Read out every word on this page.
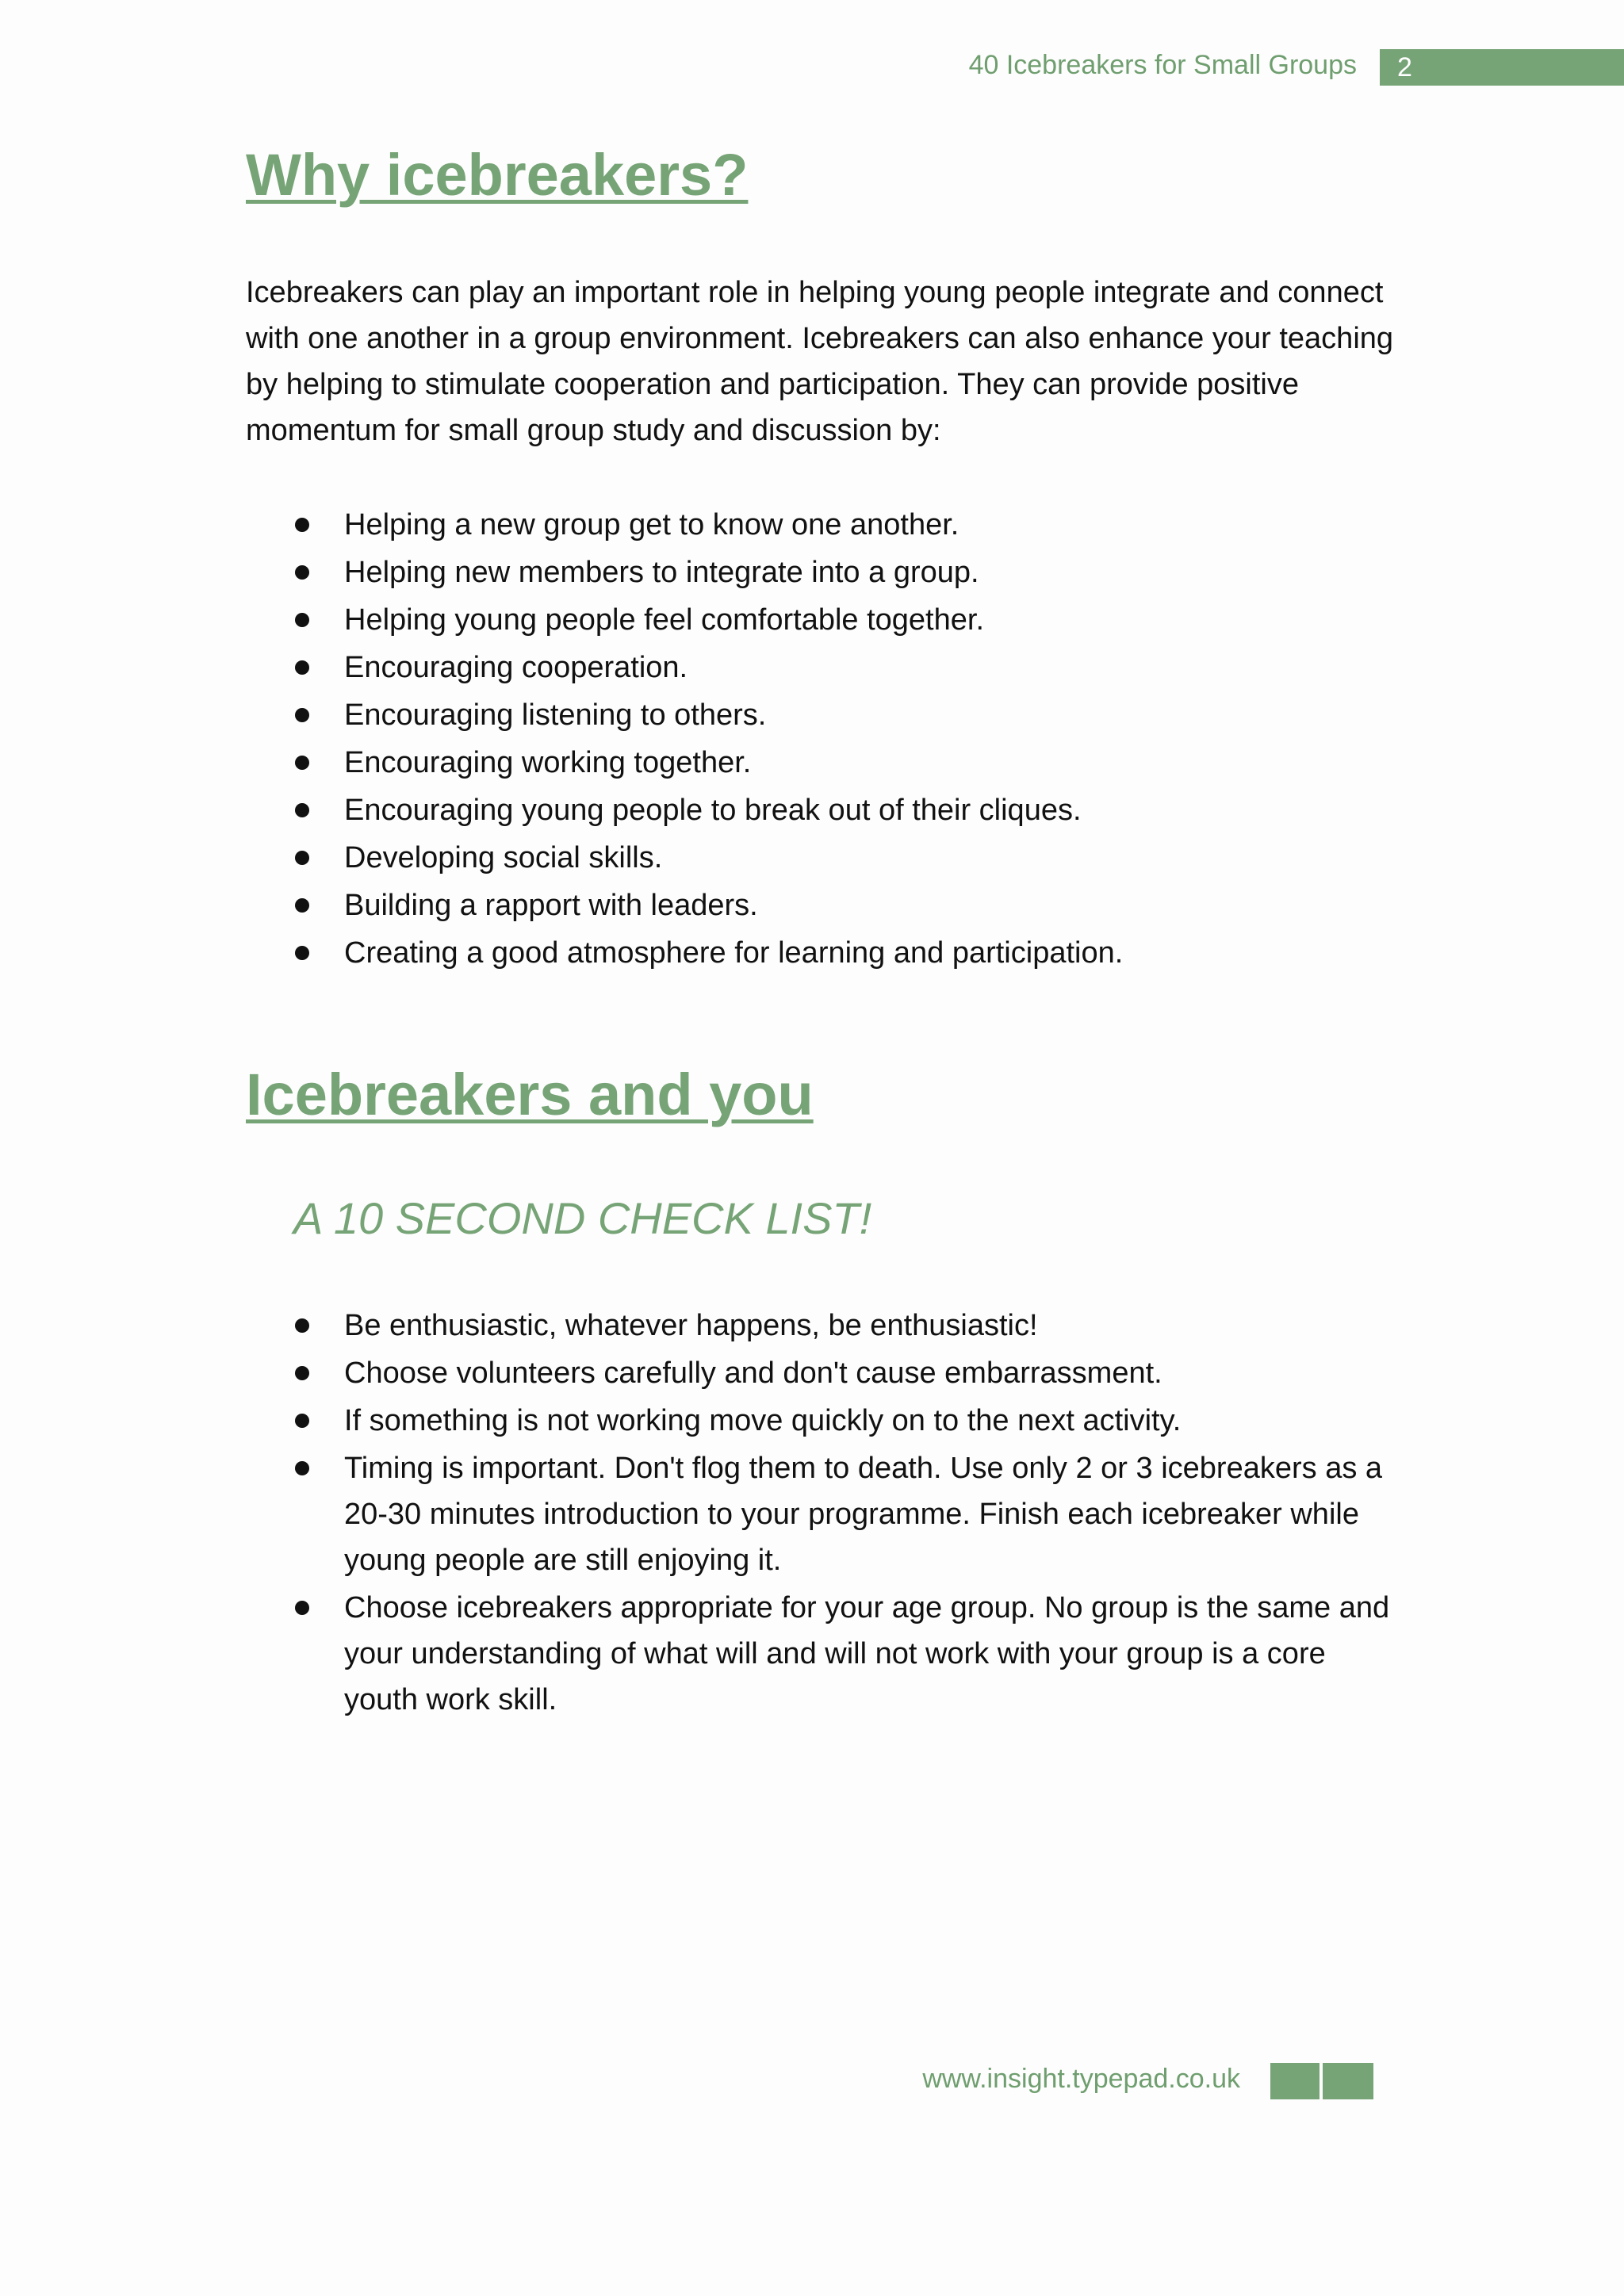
40 Icebreakers for Small Groups 2
Why icebreakers?

Icebreakers can play an important role in helping young people integrate and connect with one another in a group environment. Icebreakers can also enhance your teaching by helping to stimulate cooperation and participation. They can provide positive momentum for small group study and discussion by:

Helping a new group get to know one another.
Helping new members to integrate into a group.
Helping young people feel comfortable together.
Encouraging cooperation.
Encouraging listening to others.
Encouraging working together.
Encouraging young people to break out of their cliques.
Developing social skills.
Building a rapport with leaders.
Creating a good atmosphere for learning and participation.
Icebreakers and you
A 10 SECOND CHECK LIST!
Be enthusiastic, whatever happens, be enthusiastic!
Choose volunteers carefully and don't cause embarrassment.
If something is not working move quickly on to the next activity.
Timing is important. Don't flog them to death. Use only 2 or 3 icebreakers as a 20-30 minutes introduction to your programme. Finish each icebreaker while young people are still enjoying it.
Choose icebreakers appropriate for your age group. No group is the same and your understanding of what will and will not work with your group is a core youth work skill.
www.insight.typepad.co.uk
